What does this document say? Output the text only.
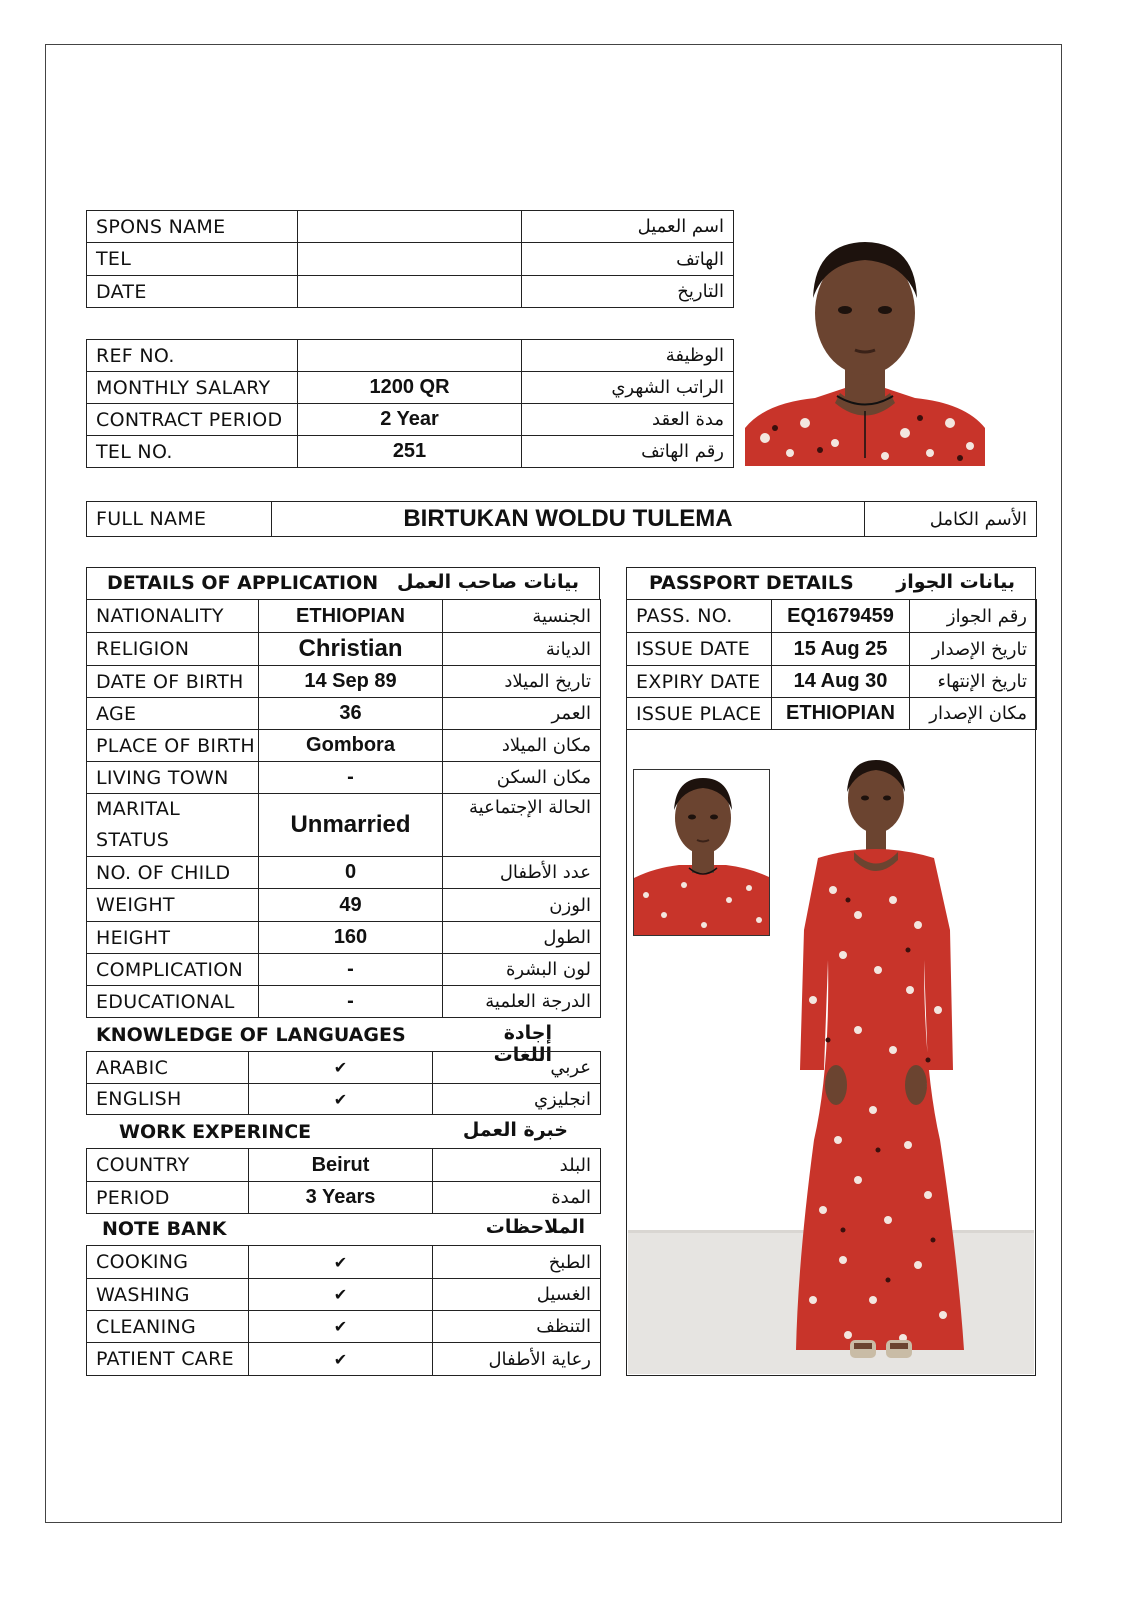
SPONS NAME		اسم العميل
TEL		الهاتف
DATE		التاريخ
REF NO.		الوظيفة
MONTHLY SALARY	1200 QR	الراتب الشهري
CONTRACT PERIOD	2 Year	مدة العقد
TEL NO.	251	رقم الهاتف
FULL NAME	BIRTUKAN WOLDU TULEMA	الأسم الكامل
DETAILS OF APPLICATION بيانات صاحب العمل
NATIONALITY	ETHIOPIAN	الجنسية
RELIGION	Christian	الديانة
DATE OF BIRTH	14 Sep 89	تاريخ الميلاد
AGE	36	العمر
PLACE OF BIRTH	Gombora	مكان الميلاد
LIVING TOWN	-	مكان السكن

MARITAL STATUS	Unmarried	الحالة الإجتماعية
NO. OF CHILD	0	عدد الأطفال
WEIGHT	49	الوزن
HEIGHT	160	الطول
COMPLICATION	-	لون البشرة
EDUCATIONAL	-	الدرجة العلمية
KNOWLEDGE OF LANGUAGES	إجادة اللغات
ARABIC	✔	عربي
ENGLISH	✔	انجليزي
WORK EXPERINCE	خبرة العمل
COUNTRY	Beirut	البلد
PERIOD	3 Years	المدة
NOTE BANK	الملاحظات
COOKING	✔	الطبخ
WASHING	✔	الغسيل
CLEANING	✔	التنظف
PATIENT CARE	✔	رعاية الأطفال
PASSPORT DETAILS بيانات الجواز
PASS. NO.	EQ1679459	رقم الجواز
ISSUE DATE	15 Aug 25	تاريخ الإصدار
EXPIRY DATE	14 Aug 30	تاريخ الإنتهاء
ISSUE PLACE	ETHIOPIAN	مكان الإصدار
